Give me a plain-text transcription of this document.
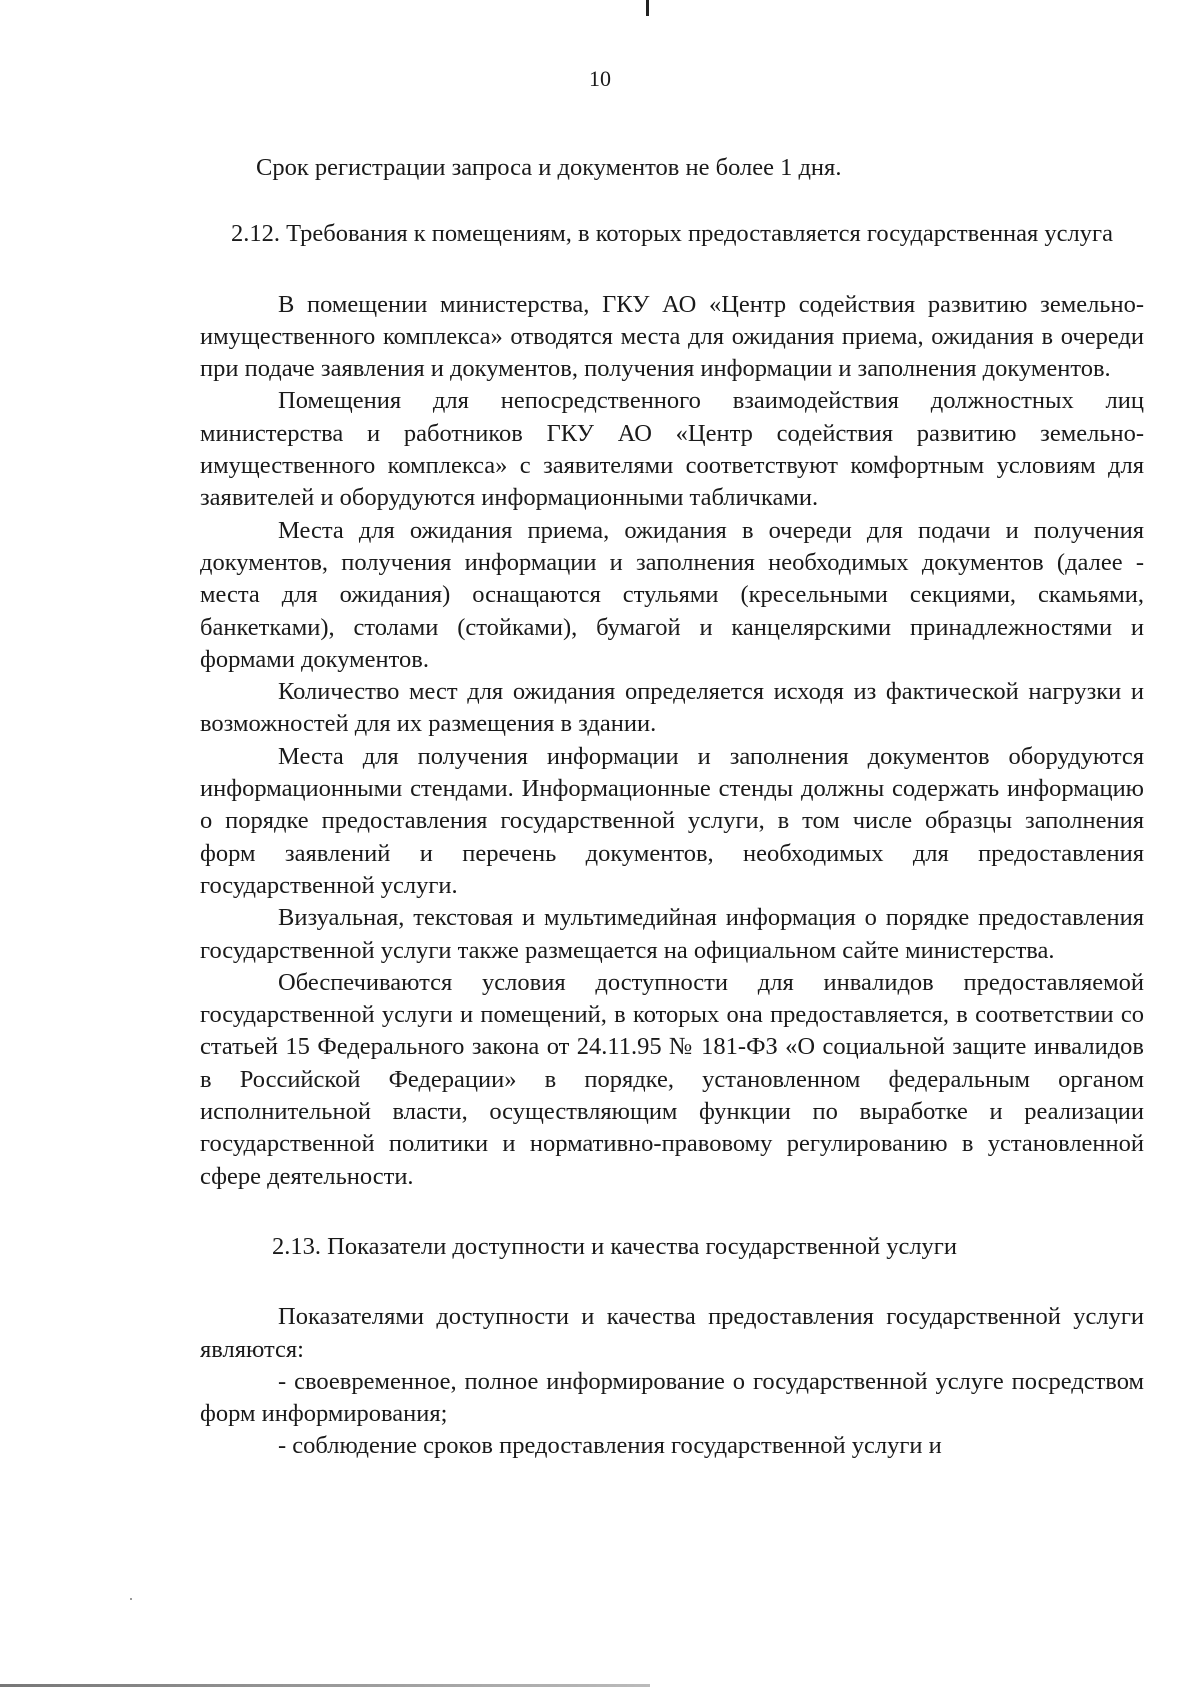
10

Срок регистрации запроса и документов не более 1 дня.

2.12. Требования к помещениям, в которых предоставляется государственная услуга

В помещении министерства, ГКУ АО «Центр содействия развитию земельно-имущественного комплекса» отводятся места для ожидания приема, ожидания в очереди при подаче заявления и документов, получения информации и заполнения документов.

Помещения для непосредственного взаимодействия должностных лиц министерства и работников ГКУ АО «Центр содействия развитию земельно-имущественного комплекса» с заявителями соответствуют комфортным условиям для заявителей и оборудуются информационными табличками.

Места для ожидания приема, ожидания в очереди для подачи и получения документов, получения информации и заполнения необходимых документов (далее - места для ожидания) оснащаются стульями (кресельными секциями, скамьями, банкетками), столами (стойками), бумагой и канцелярскими принадлежностями и формами документов.

Количество мест для ожидания определяется исходя из фактической нагрузки и возможностей для их размещения в здании.

Места для получения информации и заполнения документов оборудуются информационными стендами. Информационные стенды должны содержать информацию о порядке предоставления государственной услуги, в том числе образцы заполнения форм заявлений и перечень документов, необходимых для предоставления государственной услуги.

Визуальная, текстовая и мультимедийная информация о порядке предоставления государственной услуги также размещается на официальном сайте министерства.

Обеспечиваются условия доступности для инвалидов предоставляемой государственной услуги и помещений, в которых она предоставляется, в соответствии со статьей 15 Федерального закона от 24.11.95 № 181-ФЗ «О социальной защите инвалидов в Российской Федерации» в порядке, установленном федеральным органом исполнительной власти, осуществляющим функции по выработке и реализации государственной политики и нормативно-правовому регулированию в установленной сфере деятельности.

2.13. Показатели доступности и качества государственной услуги

Показателями доступности и качества предоставления государственной услуги являются:

- своевременное, полное информирование о государственной услуге посредством форм информирования;

- соблюдение сроков предоставления государственной услуги и
